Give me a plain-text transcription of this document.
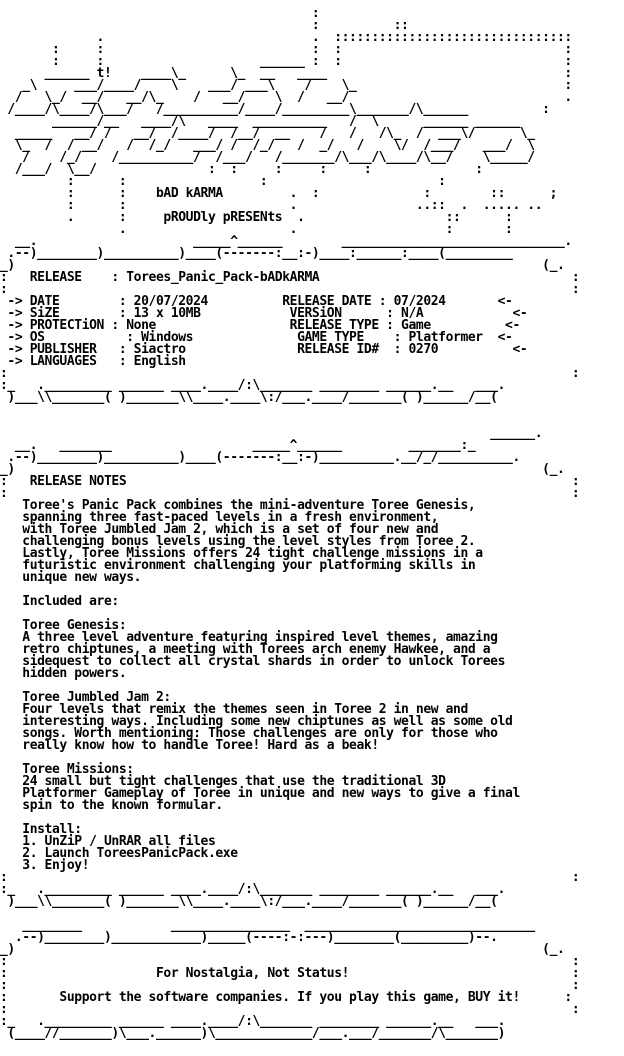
:
:          ::
.                            .  ::::::::::::::::::::::::::::::::
:     :                            :  :                              :
:     :                     ______ :  :                              :
______ t!    ____\_      \_  __   ____                                :
_\     ___/____/    \    ___/ ___\    /    \_                            :
/   \_/  __/   __/\_    /   __/    \  /   __/                             .
/____/\____/\___/   /__________/____/_________\_______/\______          :
______/__   ____/\   ____  __________   /  \      ______ ______
_____   __/ /   __/  /____/  /__/  __    /   /   /\_  /  ___\/      \_
\_  /  / __/   /  /_/   ___/ /  /_/   /  _/   /    \/  /___/   ___/  \
/    /_/    /__________/  /___/   /_______/\___/\____/\__/    \_____/
/___/  \__/               :  :     :     :     :              :
:      :                  :                       :
:      :    bAD kARMA         .  :              :        ::      ;
:      :                      .                ..::  .  ..... ..
.      :     pROUDly pRESENts  .                   ::      :
.                      .                    :       :
__.                     _____^______        ______________________________.
.--)________)__________)____(-------:__:-)____:______:____(_________
_)                                                                       (_.
:   RELEASE    : Torees_Panic_Pack-bADkARMA                                  :
:                                                                            :
-> DATE        : 20/07/2024          RELEASE DATE : 07/2024       <-
-> SiZE        : 13 x 10MB            VERSiON      : N/A            <-
-> PROTECTiON : None                  RELEASE TYPE : Game          <-
-> OS           : Windows              GAME TYPE    : Platformer  <-
-> PUBLISHER   : Siactro               RELEASE ID#  : 0270          <-
-> LANGUAGES   : English
:                                                                            :
:_   ._________ ______ ____.____/:\_______ ________ ______.__   ___.
)___\\_______( )_______\\____.____\:/___.____/_______( )______/__(

______.
__.   _______                   _____^______         _______:_
.--)________)__________)____(-------:__:-)__________.__/_/__________.
_)                                                                       (_.
:   RELEASE NOTES                                                            :
:                                                                            :
Toree's Panic Pack combines the mini-adventure Toree Genesis,
spanning three fast-paced levels in a fresh environment,
with Toree Jumbled Jam 2, which is a set of four new and
challenging bonus levels using the level styles from Toree 2.
Lastly, Toree Missions offers 24 tight challenge missions in a
futuristic environment challenging your platforming skills in
unique new ways.

Included are:

Toree Genesis:
A three level adventure featuring inspired level themes, amazing
retro chiptunes, a meeting with Torees arch enemy Hawkee, and a
sidequest to collect all crystal shards in order to unlock Torees
hidden powers.

Toree Jumbled Jam 2:
Four levels that remix the themes seen in Toree 2 in new and
interesting ways. Including some new chiptunes as well as some old
songs. Worth mentioning: Those challenges are only for those who
really know how to handle Toree! Hard as a beak!

Toree Missions:
24 small but tight challenges that use the traditional 3D
Platformer Gameplay of Toree in unique and new ways to give a final
spin to the known formular.

Install:
1. UnZiP / UnRAR all files
2. Launch ToreesPanicPack.exe
3. Enjoy!
:                                                                            :
:_   ._________ ______ ____.____/:\_______ ________ ______.__   ___.
)___\\_______( )_______\\____.____\:/___.____/_______( )______/__(

________            ________________  _______________________________
.--)________)____________)_____(----:-:---)________(_________)--.
_)                                                                       (_.
:                                                                            :
:                    For Nostalgia, Not Status!                              :
:                                                                            :
:       Support the software companies. If you play this game, BUY it!      :
:                                                                            :
:_   ._________ ______ ____.____/:\_______ ________ ______.__   ___.
(____//_______)\___.______)\_____________/___.___/_______/\_______)
